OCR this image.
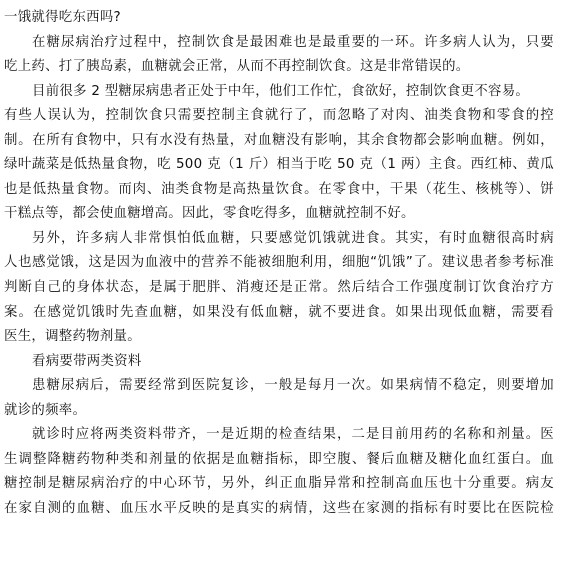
一饿就得吃东西吗?

在糖尿病治疗过程中，控制饮食是最困难也是最重要的一环。许多病人认为，只要

吃上药、打了胰岛素，血糖就会正常，从而不再控制饮食。这是非常错误的。

目前很多 2 型糖尿病患者正处于中年，他们工作忙，食欲好，控制饮食更不容易。

有些人误认为，控制饮食只需要控制主食就行了，而忽略了对肉、油类食物和零食的控

制。在所有食物中，只有水没有热量，对血糖没有影响，其余食物都会影响血糖。例如，

绿叶蔬菜是低热量食物，吃 500 克（1 斤）相当于吃 50 克（1 两）主食。西红柿、黄瓜

也是低热量食物。而肉、油类食物是高热量饮食。在零食中，干果（花生、核桃等）、饼

干糕点等，都会使血糖增高。因此，零食吃得多，血糖就控制不好。

另外，许多病人非常惧怕低血糖，只要感觉饥饿就进食。其实，有时血糖很高时病

人也感觉饿，这是因为血液中的营养不能被细胞利用，细胞“饥饿”了。建议患者参考标准

判断自己的身体状态，是属于肥胖、消瘦还是正常。然后结合工作强度制订饮食治疗方

案。在感觉饥饿时先查血糖，如果没有低血糖，就不要进食。如果出现低血糖，需要看

医生，调整药物剂量。

看病要带两类资料

患糖尿病后，需要经常到医院复诊，一般是每月一次。如果病情不稳定，则要增加

就诊的频率。

就诊时应将两类资料带齐，一是近期的检查结果，二是目前用药的名称和剂量。医

生调整降糖药物种类和剂量的依据是血糖指标，即空腹、餐后血糖及糖化血红蛋白。血

糖控制是糖尿病治疗的中心环节，另外，纠正血脂异常和控制高血压也十分重要。病友

在家自测的血糖、血压水平反映的是真实的病情，这些在家测的指标有时要比在医院检
